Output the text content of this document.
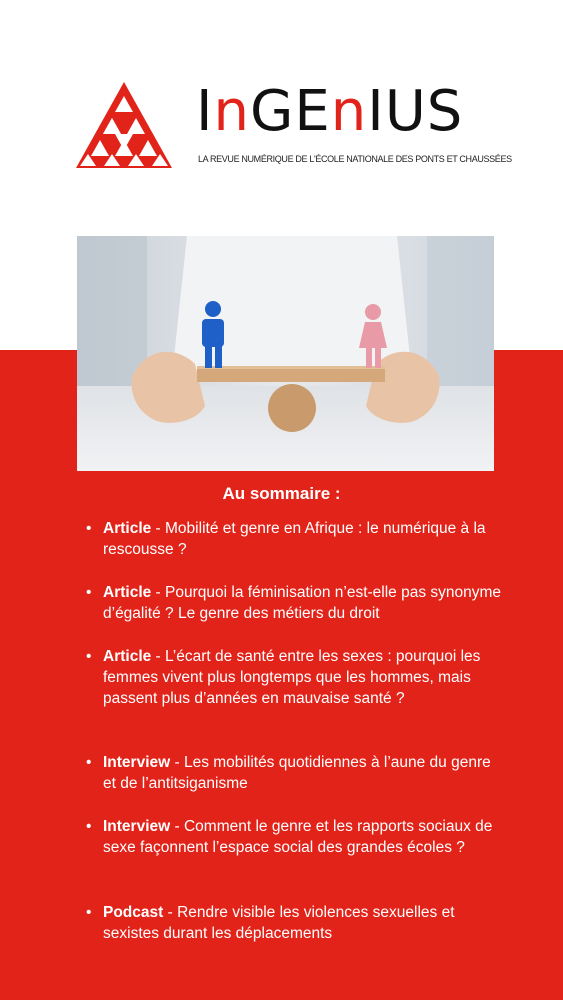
InGEnIUS
LA REVUE NUMÉRIQUE DE L'ÉCOLE NATIONALE DES PONTS ET CHAUSSÉES
Au sommaire :
• Article - Mobilité et genre en Afrique : le numérique à la rescousse ?
• Article - Pourquoi la féminisation n’est-elle pas synonyme d’égalité ? Le genre des métiers du droit
• Article - L’écart de santé entre les sexes : pourquoi les femmes vivent plus longtemps que les hommes, mais passent plus d’années en mauvaise santé ?
• Interview - Les mobilités quotidiennes à l’aune du genre et de l’antitsiganisme
• Interview - Comment le genre et les rapports sociaux de sexe façonnent l’espace social des grandes écoles ?
• Podcast - Rendre visible les violences sexuelles et sexistes durant les déplacements
